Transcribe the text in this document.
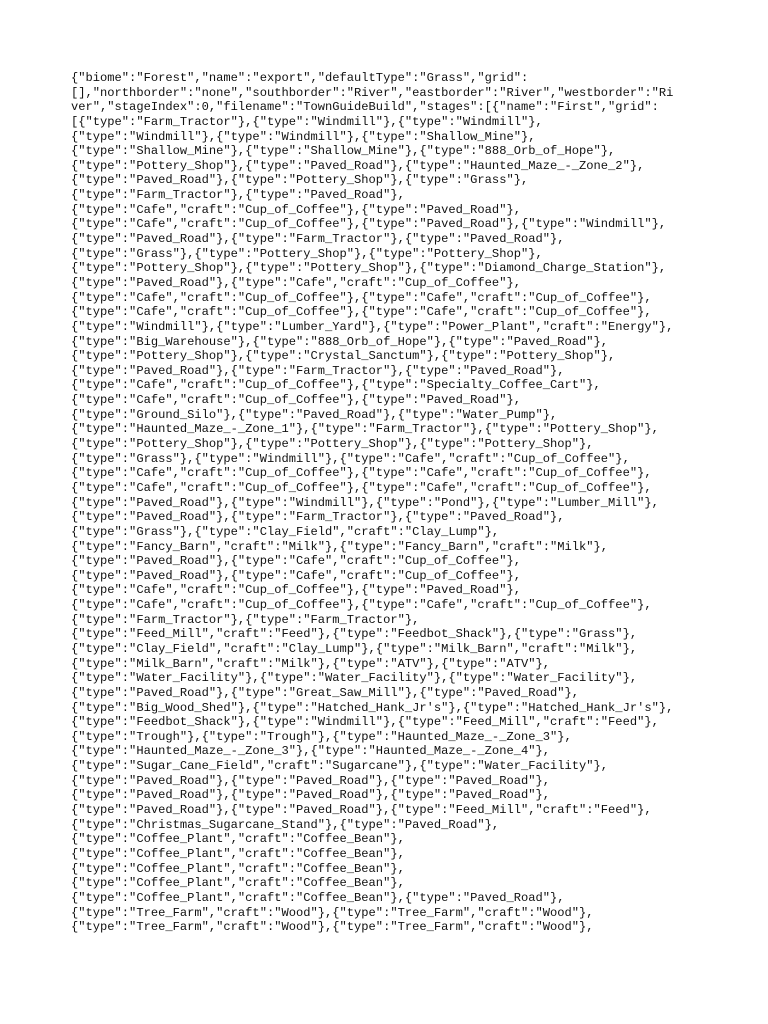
{"biome":"Forest","name":"export","defaultType":"Grass","grid":
[],"northborder":"none","southborder":"River","eastborder":"River","westborder":"Ri
ver","stageIndex":0,"filename":"TownGuideBuild","stages":[{"name":"First","grid":
[{"type":"Farm_Tractor"},{"type":"Windmill"},{"type":"Windmill"},
{"type":"Windmill"},{"type":"Windmill"},{"type":"Shallow_Mine"},
{"type":"Shallow_Mine"},{"type":"Shallow_Mine"},{"type":"888_Orb_of_Hope"},
{"type":"Pottery_Shop"},{"type":"Paved_Road"},{"type":"Haunted_Maze_-_Zone_2"},
{"type":"Paved_Road"},{"type":"Pottery_Shop"},{"type":"Grass"},
{"type":"Farm_Tractor"},{"type":"Paved_Road"},
{"type":"Cafe","craft":"Cup_of_Coffee"},{"type":"Paved_Road"},
{"type":"Cafe","craft":"Cup_of_Coffee"},{"type":"Paved_Road"},{"type":"Windmill"},
{"type":"Paved_Road"},{"type":"Farm_Tractor"},{"type":"Paved_Road"},
{"type":"Grass"},{"type":"Pottery_Shop"},{"type":"Pottery_Shop"},
{"type":"Pottery_Shop"},{"type":"Pottery_Shop"},{"type":"Diamond_Charge_Station"},
{"type":"Paved_Road"},{"type":"Cafe","craft":"Cup_of_Coffee"},
{"type":"Cafe","craft":"Cup_of_Coffee"},{"type":"Cafe","craft":"Cup_of_Coffee"},
{"type":"Cafe","craft":"Cup_of_Coffee"},{"type":"Cafe","craft":"Cup_of_Coffee"},
{"type":"Windmill"},{"type":"Lumber_Yard"},{"type":"Power_Plant","craft":"Energy"},
{"type":"Big_Warehouse"},{"type":"888_Orb_of_Hope"},{"type":"Paved_Road"},
{"type":"Pottery_Shop"},{"type":"Crystal_Sanctum"},{"type":"Pottery_Shop"},
{"type":"Paved_Road"},{"type":"Farm_Tractor"},{"type":"Paved_Road"},
{"type":"Cafe","craft":"Cup_of_Coffee"},{"type":"Specialty_Coffee_Cart"},
{"type":"Cafe","craft":"Cup_of_Coffee"},{"type":"Paved_Road"},
{"type":"Ground_Silo"},{"type":"Paved_Road"},{"type":"Water_Pump"},
{"type":"Haunted_Maze_-_Zone_1"},{"type":"Farm_Tractor"},{"type":"Pottery_Shop"},
{"type":"Pottery_Shop"},{"type":"Pottery_Shop"},{"type":"Pottery_Shop"},
{"type":"Grass"},{"type":"Windmill"},{"type":"Cafe","craft":"Cup_of_Coffee"},
{"type":"Cafe","craft":"Cup_of_Coffee"},{"type":"Cafe","craft":"Cup_of_Coffee"},
{"type":"Cafe","craft":"Cup_of_Coffee"},{"type":"Cafe","craft":"Cup_of_Coffee"},
{"type":"Paved_Road"},{"type":"Windmill"},{"type":"Pond"},{"type":"Lumber_Mill"},
{"type":"Paved_Road"},{"type":"Farm_Tractor"},{"type":"Paved_Road"},
{"type":"Grass"},{"type":"Clay_Field","craft":"Clay_Lump"},
{"type":"Fancy_Barn","craft":"Milk"},{"type":"Fancy_Barn","craft":"Milk"},
{"type":"Paved_Road"},{"type":"Cafe","craft":"Cup_of_Coffee"},
{"type":"Paved_Road"},{"type":"Cafe","craft":"Cup_of_Coffee"},
{"type":"Cafe","craft":"Cup_of_Coffee"},{"type":"Paved_Road"},
{"type":"Cafe","craft":"Cup_of_Coffee"},{"type":"Cafe","craft":"Cup_of_Coffee"},
{"type":"Farm_Tractor"},{"type":"Farm_Tractor"},
{"type":"Feed_Mill","craft":"Feed"},{"type":"Feedbot_Shack"},{"type":"Grass"},
{"type":"Clay_Field","craft":"Clay_Lump"},{"type":"Milk_Barn","craft":"Milk"},
{"type":"Milk_Barn","craft":"Milk"},{"type":"ATV"},{"type":"ATV"},
{"type":"Water_Facility"},{"type":"Water_Facility"},{"type":"Water_Facility"},
{"type":"Paved_Road"},{"type":"Great_Saw_Mill"},{"type":"Paved_Road"},
{"type":"Big_Wood_Shed"},{"type":"Hatched_Hank_Jr's"},{"type":"Hatched_Hank_Jr's"},
{"type":"Feedbot_Shack"},{"type":"Windmill"},{"type":"Feed_Mill","craft":"Feed"},
{"type":"Trough"},{"type":"Trough"},{"type":"Haunted_Maze_-_Zone_3"},
{"type":"Haunted_Maze_-_Zone_3"},{"type":"Haunted_Maze_-_Zone_4"},
{"type":"Sugar_Cane_Field","craft":"Sugarcane"},{"type":"Water_Facility"},
{"type":"Paved_Road"},{"type":"Paved_Road"},{"type":"Paved_Road"},
{"type":"Paved_Road"},{"type":"Paved_Road"},{"type":"Paved_Road"},
{"type":"Paved_Road"},{"type":"Paved_Road"},{"type":"Feed_Mill","craft":"Feed"},
{"type":"Christmas_Sugarcane_Stand"},{"type":"Paved_Road"},
{"type":"Coffee_Plant","craft":"Coffee_Bean"},
{"type":"Coffee_Plant","craft":"Coffee_Bean"},
{"type":"Coffee_Plant","craft":"Coffee_Bean"},
{"type":"Coffee_Plant","craft":"Coffee_Bean"},
{"type":"Coffee_Plant","craft":"Coffee_Bean"},{"type":"Paved_Road"},
{"type":"Tree_Farm","craft":"Wood"},{"type":"Tree_Farm","craft":"Wood"},
{"type":"Tree_Farm","craft":"Wood"},{"type":"Tree_Farm","craft":"Wood"},
